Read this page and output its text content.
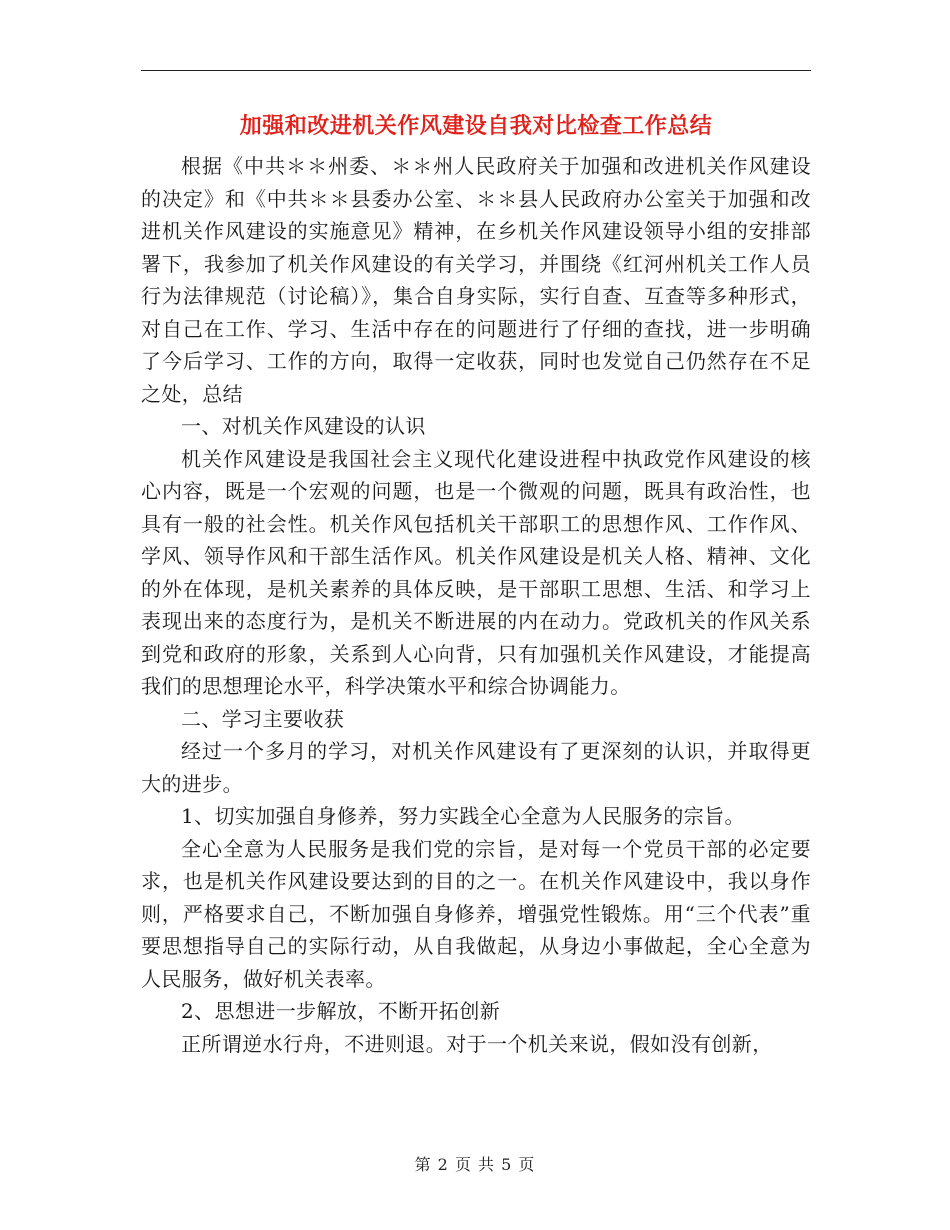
加强和改进机关作风建设自我对比检查工作总结

根据《中共＊＊州委、＊＊州人民政府关于加强和改进机关作风建设的决定》和《中共＊＊县委办公室、＊＊县人民政府办公室关于加强和改进机关作风建设的实施意见》精神，在乡机关作风建设领导小组的安排部署下，我参加了机关作风建设的有关学习，并围绕《红河州机关工作人员行为法律规范（讨论稿）》，集合自身实际，实行自查、互查等多种形式，对自己在工作、学习、生活中存在的问题进行了仔细的查找，进一步明确了今后学习、工作的方向，取得一定收获，同时也发觉自己仍然存在不足之处，总结

一、对机关作风建设的认识

机关作风建设是我国社会主义现代化建设进程中执政党作风建设的核心内容，既是一个宏观的问题，也是一个微观的问题，既具有政治性，也具有一般的社会性。机关作风包括机关干部职工的思想作风、工作作风、学风、领导作风和干部生活作风。机关作风建设是机关人格、精神、文化的外在体现，是机关素养的具体反映，是干部职工思想、生活、和学习上表现出来的态度行为，是机关不断进展的内在动力。党政机关的作风关系到党和政府的形象，关系到人心向背，只有加强机关作风建设，才能提高我们的思想理论水平，科学决策水平和综合协调能力。

二、学习主要收获

经过一个多月的学习，对机关作风建设有了更深刻的认识，并取得更大的进步。

1、切实加强自身修养，努力实践全心全意为人民服务的宗旨。

全心全意为人民服务是我们党的宗旨，是对每一个党员干部的必定要求，也是机关作风建设要达到的目的之一。在机关作风建设中，我以身作则，严格要求自己，不断加强自身修养，增强党性锻炼。用“三个代表”重要思想指导自己的实际行动，从自我做起，从身边小事做起，全心全意为人民服务，做好机关表率。

2、思想进一步解放，不断开拓创新

正所谓逆水行舟，不进则退。对于一个机关来说，假如没有创新，

第 2 页 共 5 页
